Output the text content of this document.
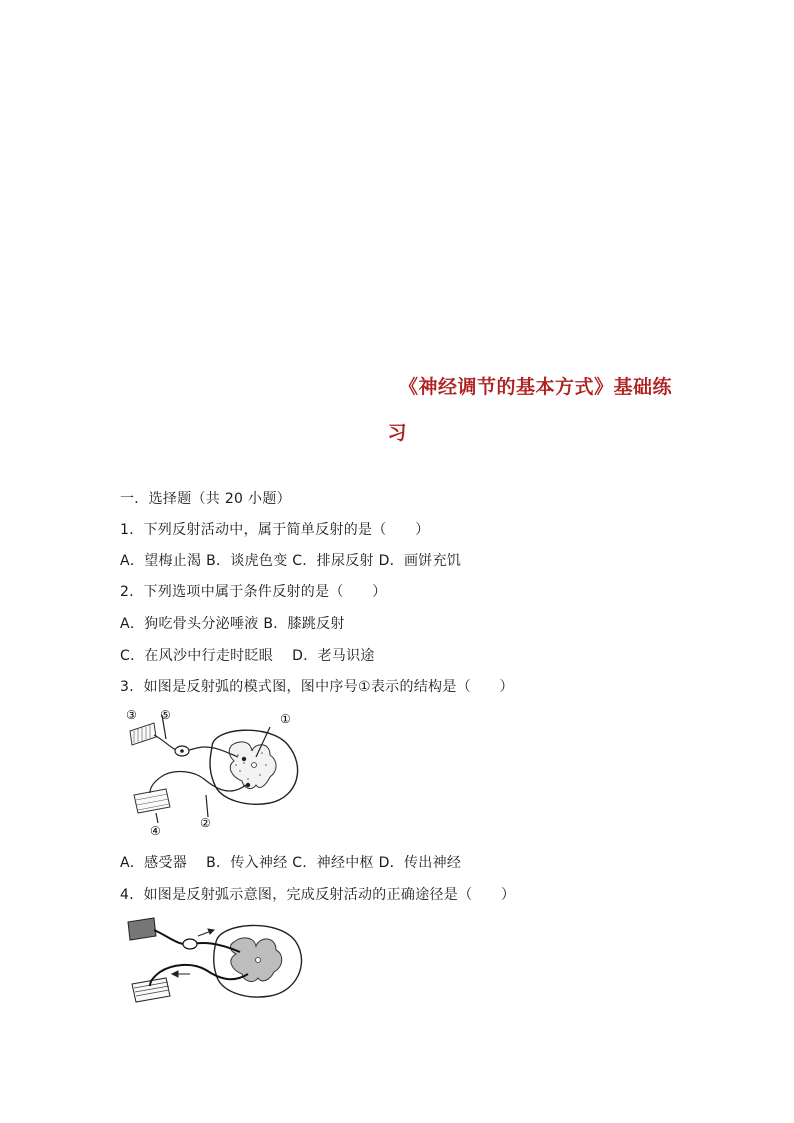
《神经调节的基本方式》基础练
习
一．选择题（共 20 小题）
1．下列反射活动中，属于简单反射的是（　　）
A．望梅止渴 B．谈虎色变 C．排尿反射 D．画饼充饥
2．下列选项中属于条件反射的是（　　）
A．狗吃骨头分泌唾液 B．膝跳反射
C．在风沙中行走时眨眼　 D．老马识途
3．如图是反射弧的模式图，图中序号①表示的结构是（　　）
③ ⑤	①
②
④
A．感受器　 B．传入神经 C．神经中枢 D．传出神经
4．如图是反射弧示意图，完成反射活动的正确途径是（　　）
